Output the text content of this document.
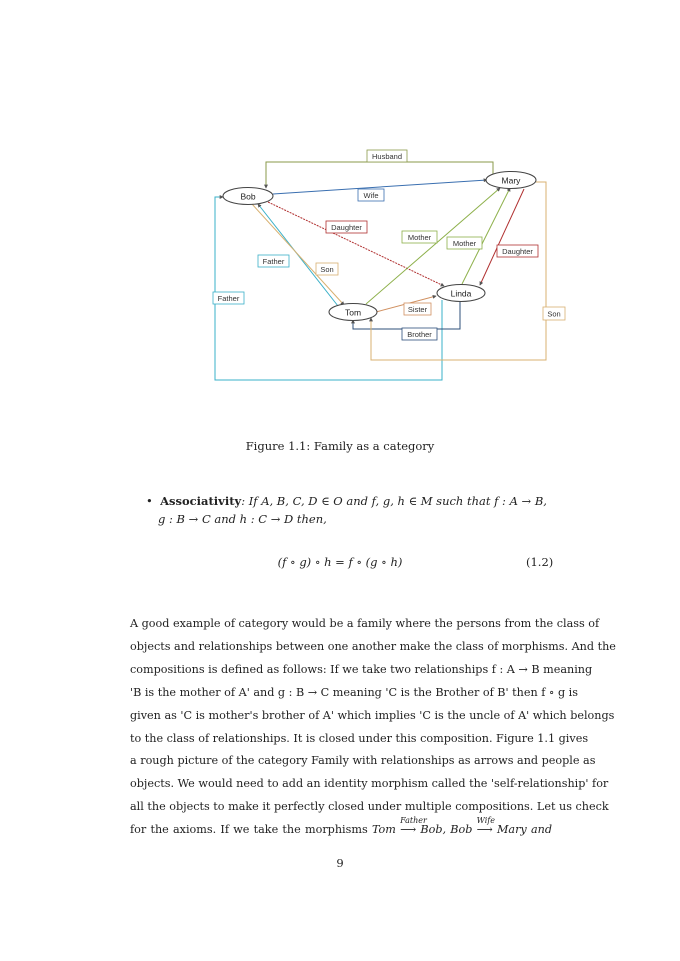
Bob
Mary
Tom
Linda
Husband
Wife
Daughter
Mother
Mother
Daughter
Father
Son
Father
Sister
Brother
Son
Figure 1.1: Family as a category
• Associativity: If A, B, C, D ∈ O and f, g, h ∈ M such that f : A → B,
g : B → C and h : C → D then,
(f ∘ g) ∘ h = f ∘ (g ∘ h)	(1.2)
A good example of category would be a family where the persons from the class of
objects and relationships between one another make the class of morphisms. And the
compositions is defined as follows: If we take two relationships f : A → B meaning
'B is the mother of A' and g : B → C meaning 'C is the Brother of B' then f ∘ g is
given as 'C is mother's brother of A' which implies 'C is the uncle of A' which belongs
to the class of relationships. It is closed under this composition. Figure 1.1 gives
a rough picture of the category Family with relationships as arrows and people as
objects. We would need to add an identity morphism called the 'self-relationship' for
all the objects to make it perfectly closed under multiple compositions. Let us check
for the axioms. If we take the morphisms Tom
Father
⟶ Bob, Bob
Wife
⟶ Mary and
9
